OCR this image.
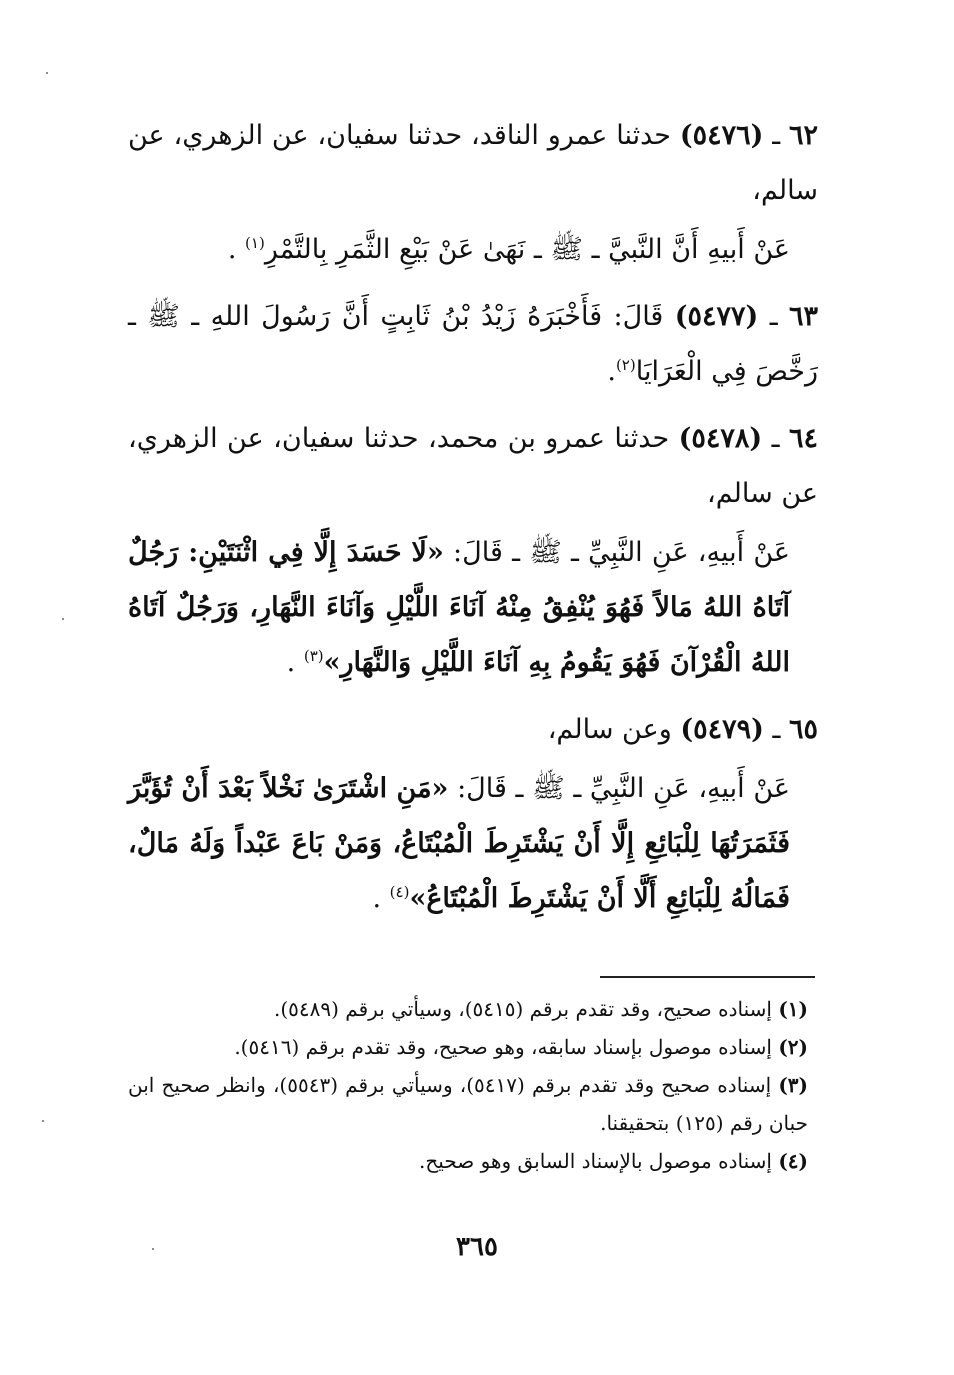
٦٢ ـ (٥٤٧٦) حدثنا عمرو الناقد، حدثنا سفيان، عن الزهري، عن سالم،

عَنْ أَبيهِ أَنَّ النَّبيَّ ـ ﷺ ـ نَهَىٰ عَنْ بَيْعِ الثَّمَرِ بِالتَّمْرِ$^{(١)}$ .

٦٣ ـ (٥٤٧٧) قَالَ: فَأَخْبَرَهُ زَيْدُ بْنُ ثَابِتٍ أَنَّ رَسُولَ اللهِ ـ ﷺ ـ رَخَّصَ فِي الْعَرَايَا$^{(٢)}$.

٦٤ ـ (٥٤٧٨) حدثنا عمرو بن محمد، حدثنا سفيان، عن الزهري، عن سالم،

عَنْ أَبيهِ، عَنِ النَّبِيِّ ـ ﷺ ـ قَالَ: «لَا حَسَدَ إِلَّا فِي اثْنَتَيْنِ: رَجُلٌ آتَاهُ اللهُ مَالاً فَهُوَ يُنْفِقُ مِنْهُ آنَاءَ اللَّيْلِ وَآنَاءَ النَّهَارِ، وَرَجُلٌ آتَاهُ اللهُ الْقُرْآنَ فَهُوَ يَقُومُ بِهِ آنَاءَ اللَّيْلِ وَالنَّهَارِ»$^{(٣)}$ .

٦٥ ـ (٥٤٧٩) وعن سالم،

عَنْ أَبيهِ، عَنِ النَّبِيِّ ـ ﷺ ـ قَالَ: «مَنِ اشْتَرَىٰ نَخْلاً بَعْدَ أَنْ تُؤَبَّرَ فَثَمَرَتُهَا لِلْبَائِعِ إِلَّا أَنْ يَشْتَرِطَ الْمُبْتَاعُ، وَمَنْ بَاعَ عَبْداً وَلَهُ مَالٌ، فَمَالُهُ لِلْبَائِعِ أَلَّا أَنْ يَشْتَرِطَ الْمُبْتَاعُ»$^{(٤)}$ .

(١) إسناده صحيح، وقد تقدم برقم (٥٤١٥)، وسيأتي برقم (٥٤٨٩).

(٢) إسناده موصول بإسناد سابقه، وهو صحيح، وقد تقدم برقم (٥٤١٦).

(٣) إسناده صحيح وقد تقدم برقم (٥٤١٧)، وسيأتي برقم (٥٥٤٣)، وانظر صحيح ابن حبان رقم (١٢٥) بتحقيقنا.

(٤) إسناده موصول بالإسناد السابق وهو صحيح.

٣٦٥
